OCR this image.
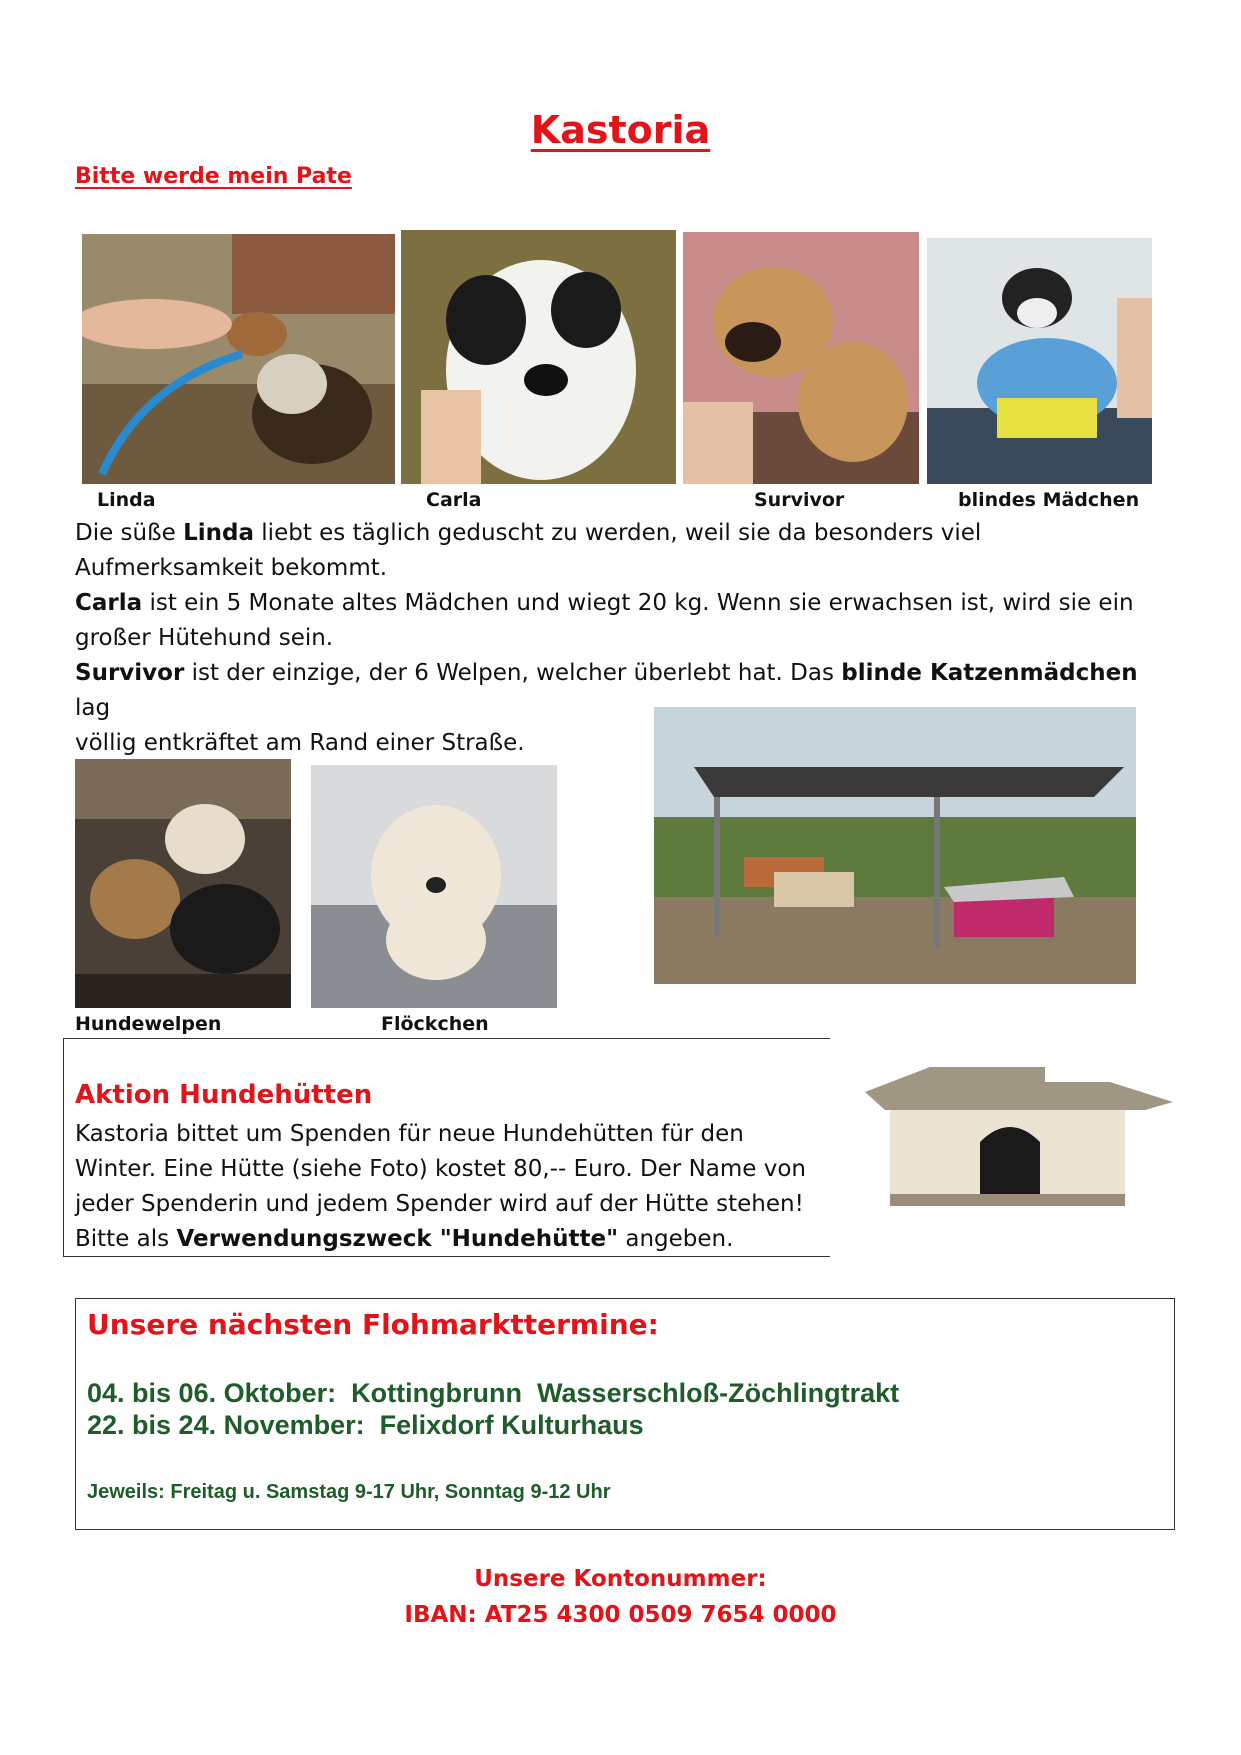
Kastoria
Bitte werde mein Pate
Linda	Carla	Survivor	blindes Mädchen
Die süße Linda liebt es täglich geduscht zu werden, weil sie da besonders viel
Aufmerksamkeit bekommt.
Carla ist ein 5 Monate altes Mädchen und wiegt 20 kg. Wenn sie erwachsen ist, wird sie ein
großer Hütehund sein.
Survivor ist der einzige, der 6 Welpen, welcher überlebt hat. Das blinde Katzenmädchen lag
völlig entkräftet am Rand einer Straße.
Hundewelpen	Flöckchen
Aktion Hundehütten
Kastoria bittet um Spenden für neue Hundehütten für den
Winter. Eine Hütte (siehe Foto) kostet 80,-- Euro. Der Name von
jeder Spenderin und jedem Spender wird auf der Hütte stehen!
Bitte als Verwendungszweck "Hundehütte" angeben.
Unsere nächsten Flohmarkttermine:
04. bis 06. Oktober:  Kottingbrunn  Wasserschloß-Zöchlingtrakt
22. bis 24. November:  Felixdorf Kulturhaus
Jeweils: Freitag u. Samstag 9-17 Uhr, Sonntag 9-12 Uhr
Unsere Kontonummer:
IBAN: AT25 4300 0509 7654 0000
